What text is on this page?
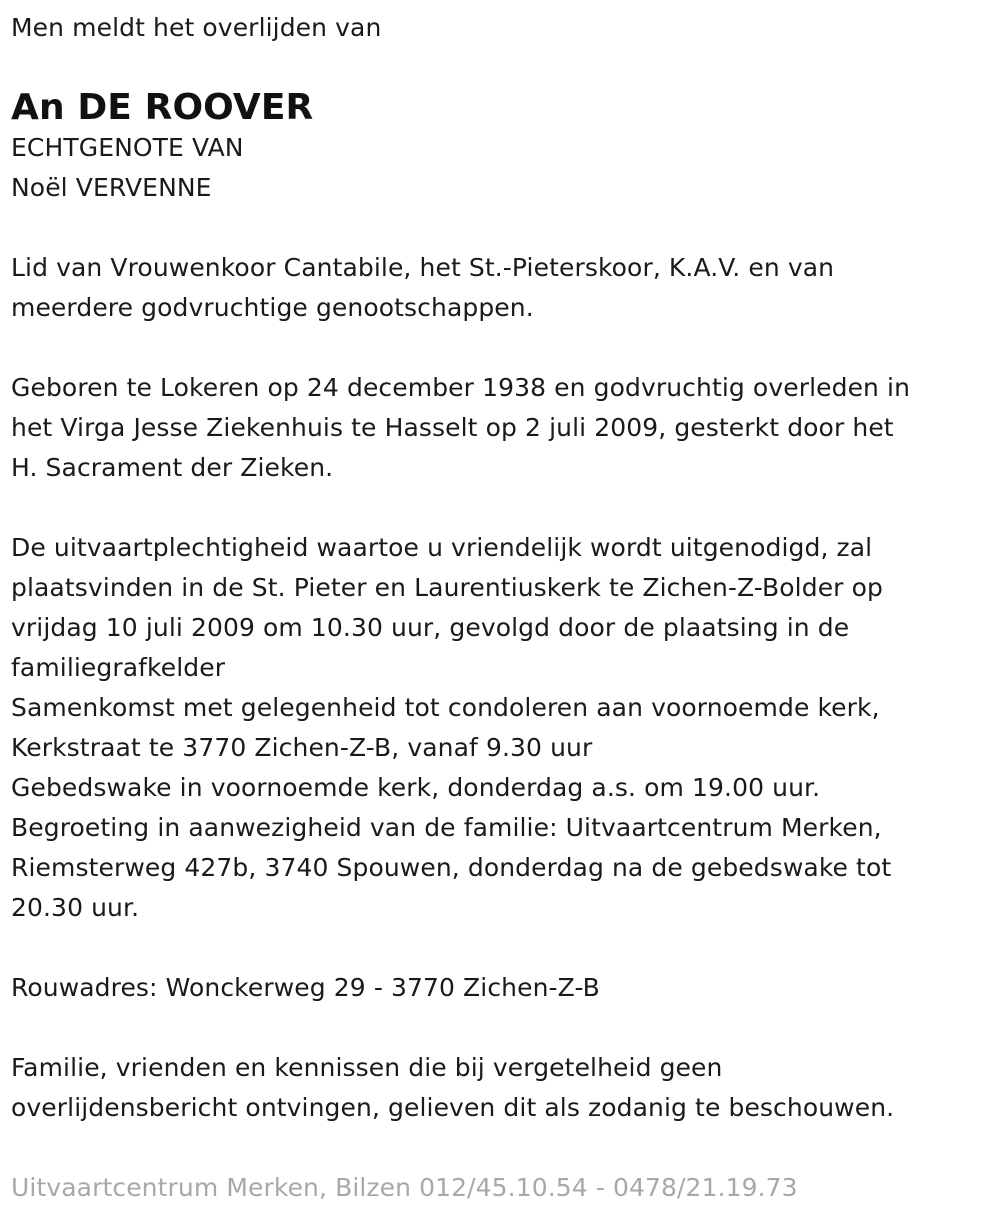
Men meldt het overlijden van

An DE ROOVER

ECHTGENOTE VAN

Noël VERVENNE

Lid van Vrouwenkoor Cantabile, het St.-Pieterskoor, K.A.V. en van

meerdere godvruchtige genootschappen.

Geboren te Lokeren op 24 december 1938 en godvruchtig overleden in

het Virga Jesse Ziekenhuis te Hasselt op 2 juli 2009, gesterkt door het

H. Sacrament der Zieken.

De uitvaartplechtigheid waartoe u vriendelijk wordt uitgenodigd, zal

plaatsvinden in de St. Pieter en Laurentiuskerk te Zichen-Z-Bolder op

vrijdag 10 juli 2009 om 10.30 uur, gevolgd door de plaatsing in de

familiegrafkelder

Samenkomst met gelegenheid tot condoleren aan voornoemde kerk,

Kerkstraat te 3770 Zichen-Z-B, vanaf 9.30 uur

Gebedswake in voornoemde kerk, donderdag a.s. om 19.00 uur.

Begroeting in aanwezigheid van de familie: Uitvaartcentrum Merken,

Riemsterweg 427b, 3740 Spouwen, donderdag na de gebedswake tot

20.30 uur.

Rouwadres: Wonckerweg 29 - 3770 Zichen-Z-B

Familie, vrienden en kennissen die bij vergetelheid geen

overlijdensbericht ontvingen, gelieven dit als zodanig te beschouwen.

Uitvaartcentrum Merken, Bilzen 012/45.10.54 - 0478/21.19.73
